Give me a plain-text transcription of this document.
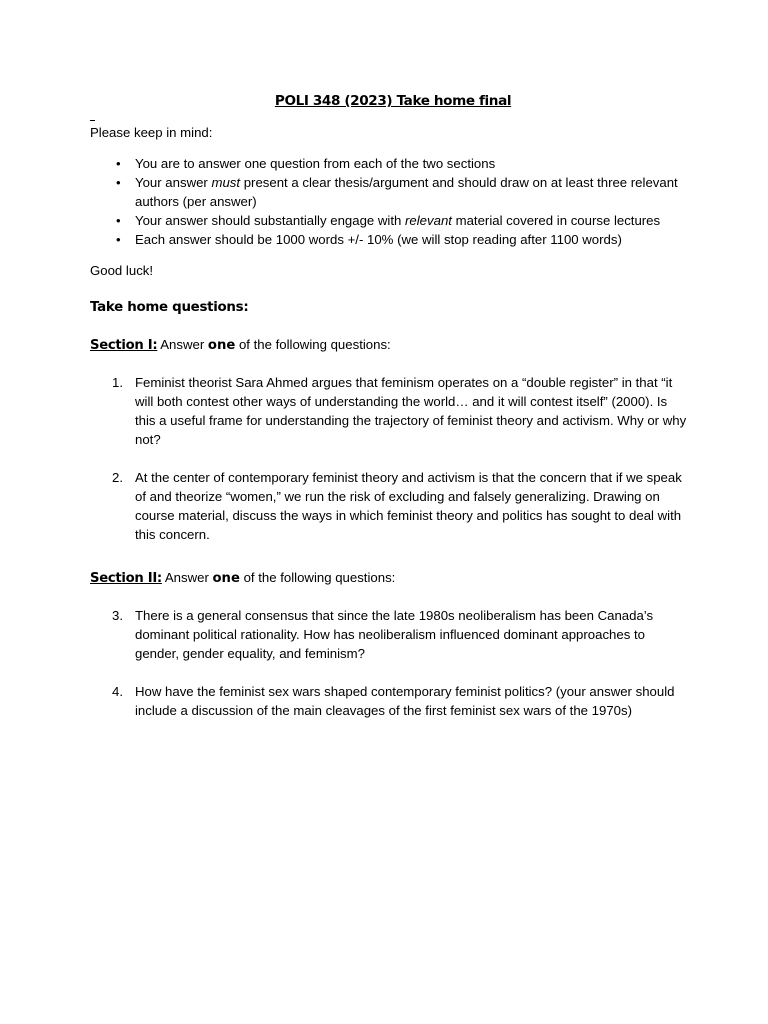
POLI 348 (2023) Take home final

Please keep in mind:

• You are to answer one question from each of the two sections
• Your answer must present a clear thesis/argument and should draw on at least three relevant authors (per answer)
• Your answer should substantially engage with relevant material covered in course lectures
• Each answer should be 1000 words +/- 10% (we will stop reading after 1100 words)

Good luck!

Take home questions:

Section I: Answer one of the following questions:

1. Feminist theorist Sara Ahmed argues that feminism operates on a “double register” in that “it will both contest other ways of understanding the world… and it will contest itself” (2000). Is this a useful frame for understanding the trajectory of feminist theory and activism. Why or why not?
2. At the center of contemporary feminist theory and activism is that the concern that if we speak of and theorize “women,” we run the risk of excluding and falsely generalizing. Drawing on course material, discuss the ways in which feminist theory and politics has sought to deal with this concern.

Section II: Answer one of the following questions:

3. There is a general consensus that since the late 1980s neoliberalism has been Canada’s dominant political rationality. How has neoliberalism influenced dominant approaches to gender, gender equality, and feminism?
4. How have the feminist sex wars shaped contemporary feminist politics? (your answer should include a discussion of the main cleavages of the first feminist sex wars of the 1970s)
